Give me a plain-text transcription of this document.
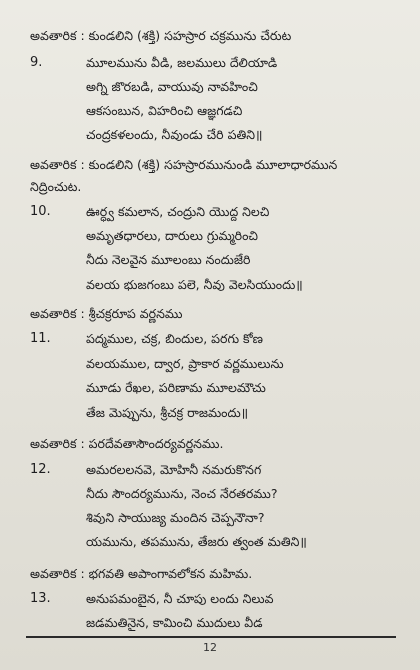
అవతారిక : కుండలిని (శక్తి) సహస్రార చక్రమును చేరుట
9.	మూలమును వీడి, జలములు దేలియాడి
అగ్ని జొరబడి, వాయువు నావహించి
ఆకసంబున, విహరించి ఆజ్ఞగడచి
చంద్రకళలందు, నీవుండు చేరి పతిని॥
అవతారిక : కుండలిని (శక్తి) సహస్రారమునుండి మూలాధారమున
నిద్రించుట.
10.	ఊర్ధ్వ కమలాన, చంద్రుని యొద్ద నిలచి
అమృతధారలు, దారులు గ్రుమ్మరించి
నీదు నెలవైన మూలంబు నందుజేరి
వలయ భుజగంబు పలె, నీవు వెలసియుందు॥
అవతారిక : శ్రీచక్రరూప వర్ణనము
11.	పద్మముల, చక్ర, బిందుల, పరగు కోణ
వలయముల, ద్వార, ప్రాకార వర్ణములును
మూడు రేఖల, పరిణామ మూలమౌచు
తేజ మెప్పును, శ్రీచక్ర రాజమందు॥
అవతారిక : పరదేవతాసౌందర్యవర్ణనము.
12.	అమరలలనవె, మోహినీ నమరుకొనగ
నీదు సౌందర్యమును, నెంచ నేరతరము?
శివుని సాయుజ్య మందిన చెప్పనౌనా?
యమును, తపమును, తేజరు త్వంత మతిని॥
అవతారిక : భగవతి అపాంగావలోకన మహిమ.
13.	అనుపమంబైన, నీ చూపు లందు నిలువ
జడమతినైన, కామించి ముదులు వీడ
12
